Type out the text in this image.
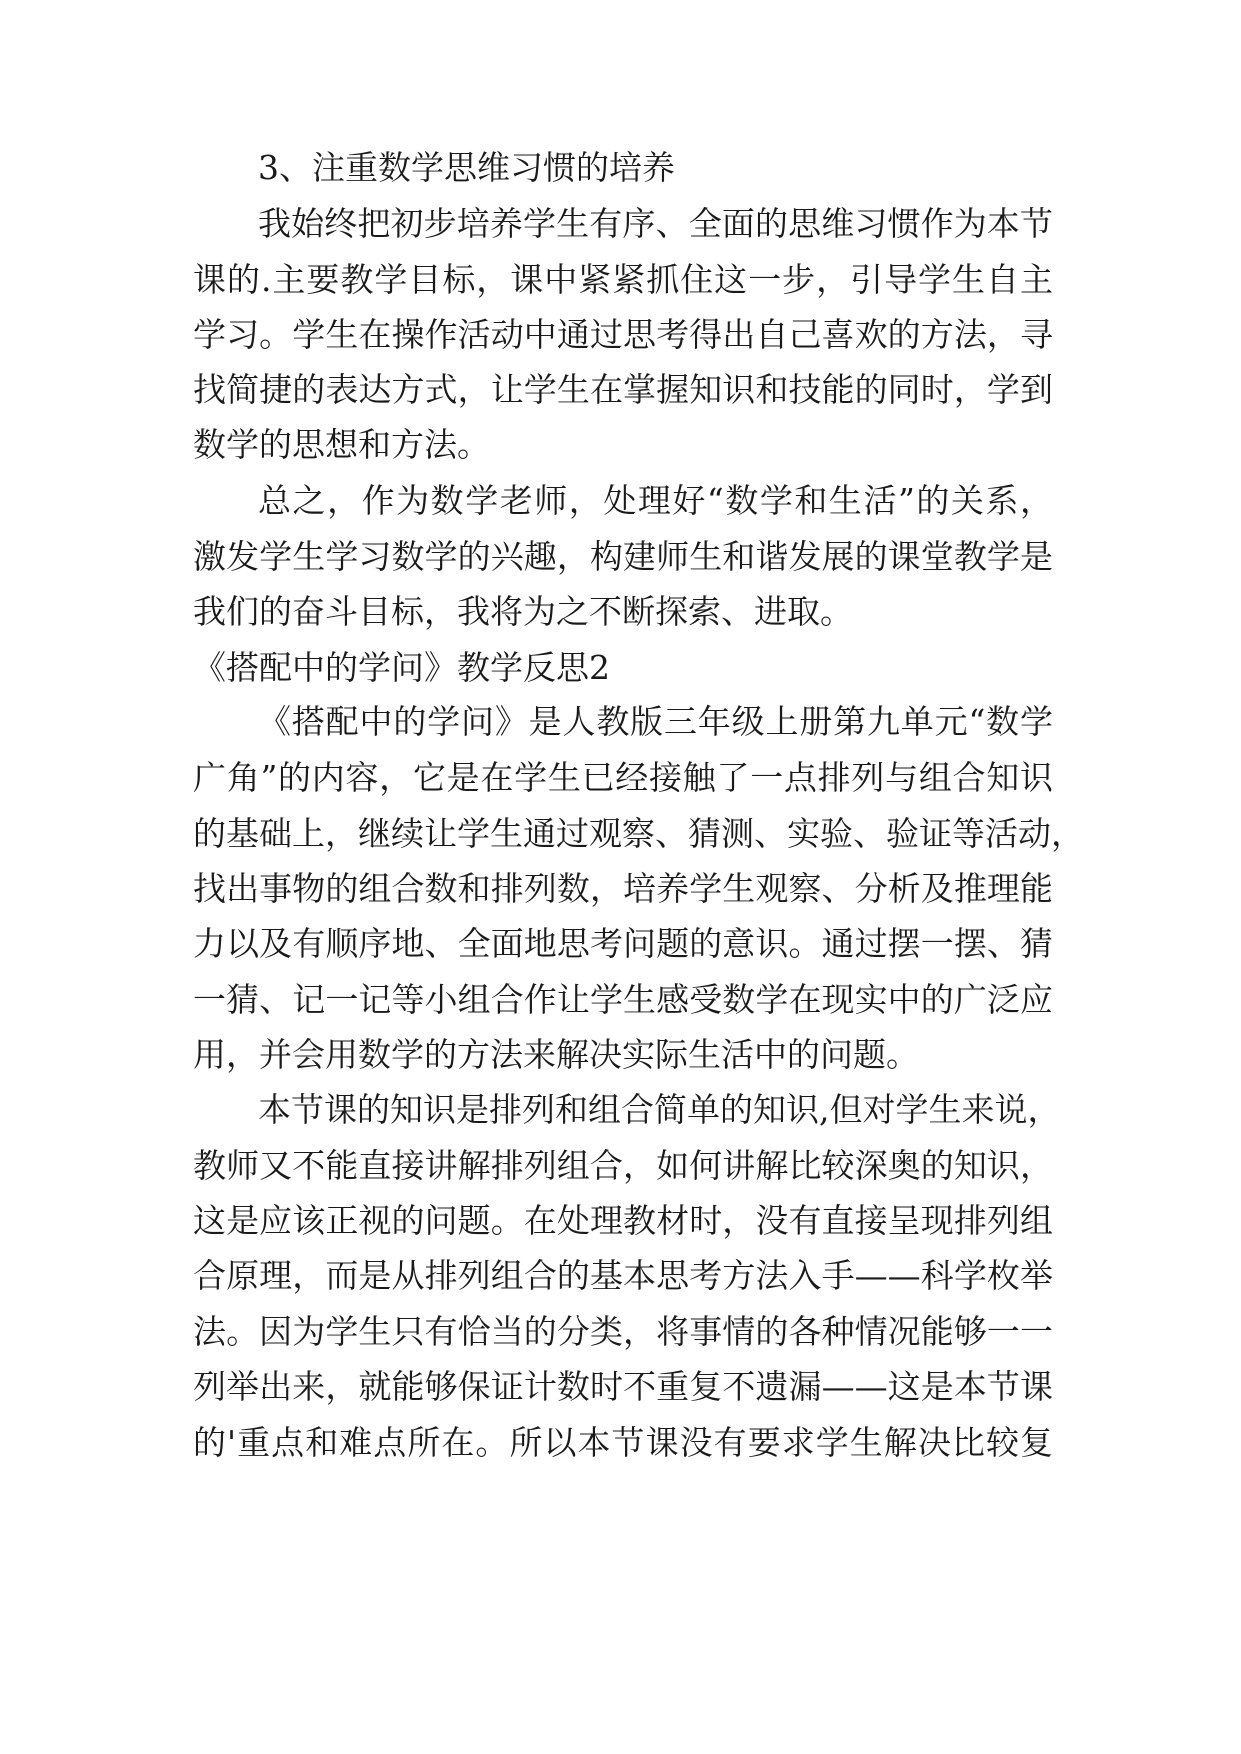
3、注重数学思维习惯的培养
我始终把初步培养学生有序、全面的思维习惯作为本节
课的.主要教学目标，课中紧紧抓住这一步，引导学生自主
学习。学生在操作活动中通过思考得出自己喜欢的方法，寻
找简捷的表达方式，让学生在掌握知识和技能的同时，学到
数学的思想和方法。
总之，作为数学老师，处理好“数学和生活”的关系，
激发学生学习数学的兴趣，构建师生和谐发展的课堂教学是
我们的奋斗目标，我将为之不断探索、进取。
《搭配中的学问》教学反思2
《搭配中的学问》是人教版三年级上册第九单元“数学
广角”的内容，它是在学生已经接触了一点排列与组合知识
的基础上，继续让学生通过观察、猜测、实验、验证等活动，
找出事物的组合数和排列数，培养学生观察、分析及推理能
力以及有顺序地、全面地思考问题的意识。通过摆一摆、猜
一猜、记一记等小组合作让学生感受数学在现实中的广泛应
用，并会用数学的方法来解决实际生活中的问题。
本节课的知识是排列和组合简单的知识,但对学生来说，
教师又不能直接讲解排列组合，如何讲解比较深奥的知识，
这是应该正视的问题。在处理教材时，没有直接呈现排列组
合原理，而是从排列组合的基本思考方法入手——科学枚举
法。因为学生只有恰当的分类，将事情的各种情况能够一一
列举出来，就能够保证计数时不重复不遗漏——这是本节课
的'重点和难点所在。所以本节课没有要求学生解决比较复
